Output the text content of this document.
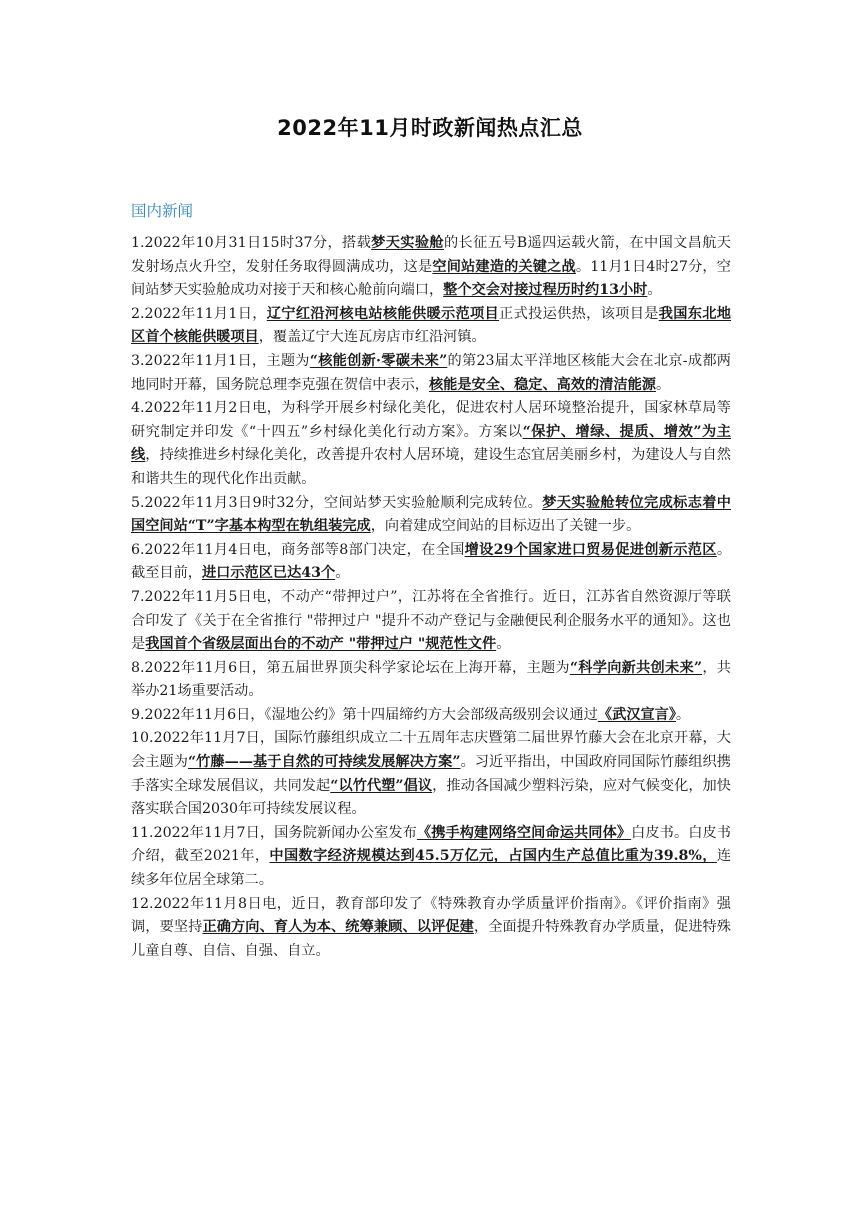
2022年11月时政新闻热点汇总
国内新闻

1.2022年10月31日15时37分，搭载梦天实验舱的长征五号B遥四运载火箭，在中国文昌航天发射场点火升空，发射任务取得圆满成功，这是空间站建造的关键之战。11月1日4时27分，空间站梦天实验舱成功对接于天和核心舱前向端口，整个交会对接过程历时约13小时。

2.2022年11月1日，辽宁红沿河核电站核能供暖示范项目正式投运供热，该项目是我国东北地区首个核能供暖项目，覆盖辽宁大连瓦房店市红沿河镇。

3.2022年11月1日，主题为“核能创新·零碳未来”的第23届太平洋地区核能大会在北京-成都两地同时开幕，国务院总理李克强在贺信中表示，核能是安全、稳定、高效的清洁能源。

4.2022年11月2日电，为科学开展乡村绿化美化，促进农村人居环境整治提升，国家林草局等研究制定并印发《“十四五”乡村绿化美化行动方案》。方案以“保护、增绿、提质、增效”为主线，持续推进乡村绿化美化，改善提升农村人居环境，建设生态宜居美丽乡村，为建设人与自然和谐共生的现代化作出贡献。

5.2022年11月3日9时32分，空间站梦天实验舱顺利完成转位。梦天实验舱转位完成标志着中国空间站“T”字基本构型在轨组装完成，向着建成空间站的目标迈出了关键一步。

6.2022年11月4日电，商务部等8部门决定，在全国增设29个国家进口贸易促进创新示范区。截至目前，进口示范区已达43个。

7.2022年11月5日电，不动产“带押过户”，江苏将在全省推行。近日，江苏省自然资源厅等联合印发了《关于在全省推行 "带押过户 "提升不动产登记与金融便民利企服务水平的通知》。这也是我国首个省级层面出台的不动产 "带押过户 "规范性文件。

8.2022年11月6日，第五届世界顶尖科学家论坛在上海开幕，主题为“科学向新共创未来”，共举办21场重要活动。

9.2022年11月6日，《湿地公约》第十四届缔约方大会部级高级别会议通过《武汉宣言》。

10.2022年11月7日，国际竹藤组织成立二十五周年志庆暨第二届世界竹藤大会在北京开幕，大会主题为“竹藤——基于自然的可持续发展解决方案”。习近平指出，中国政府同国际竹藤组织携手落实全球发展倡议，共同发起“以竹代塑”倡议，推动各国减少塑料污染，应对气候变化，加快落实联合国2030年可持续发展议程。

11.2022年11月7日，国务院新闻办公室发布《携手构建网络空间命运共同体》白皮书。白皮书介绍，截至2021年，中国数字经济规模达到45.5万亿元，占国内生产总值比重为39.8%，连续多年位居全球第二。

12.2022年11月8日电，近日，教育部印发了《特殊教育办学质量评价指南》。《评价指南》强调，要坚持正确方向、育人为本、统筹兼顾、以评促建，全面提升特殊教育办学质量，促进特殊儿童自尊、自信、自强、自立。
